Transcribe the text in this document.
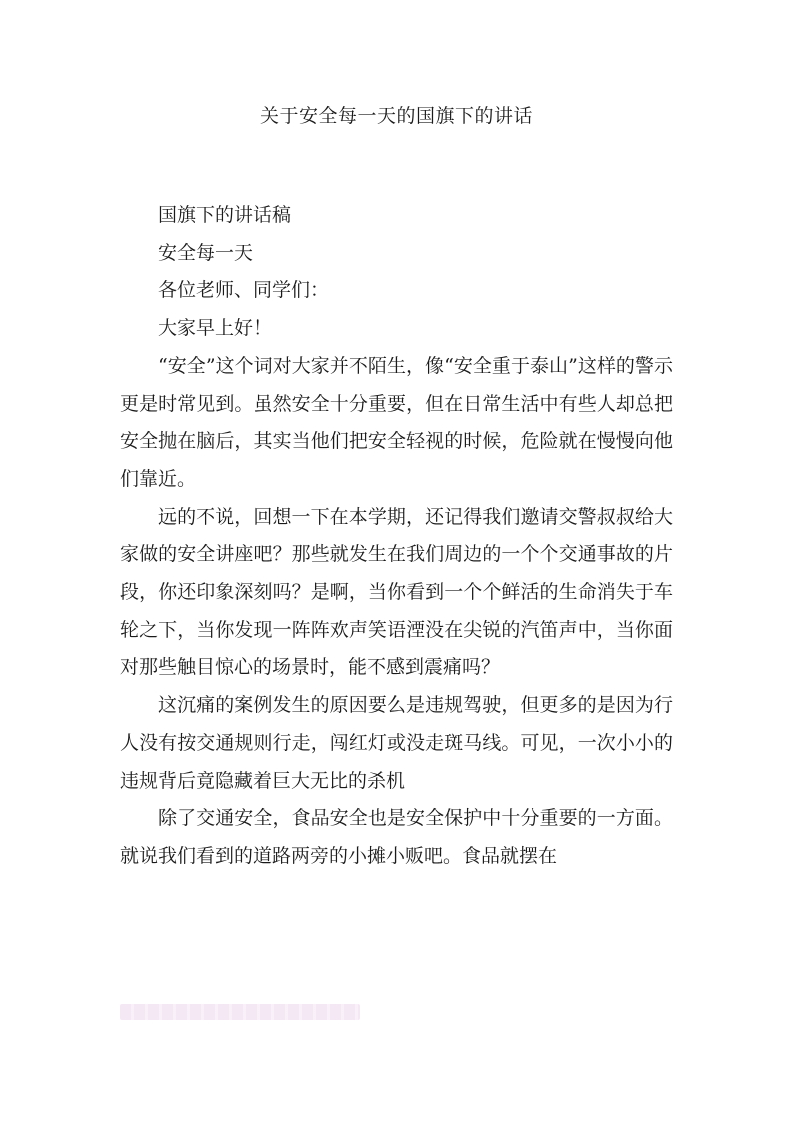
关于安全每一天的国旗下的讲话

国旗下的讲话稿

安全每一天

各位老师、同学们：

大家早上好！

“安全”这个词对大家并不陌生，像“安全重于泰山”这样的警示更是时常见到。虽然安全十分重要，但在日常生活中有些人却总把安全抛在脑后，其实当他们把安全轻视的时候，危险就在慢慢向他们靠近。

远的不说，回想一下在本学期，还记得我们邀请交警叔叔给大家做的安全讲座吧？那些就发生在我们周边的一个个交通事故的片段，你还印象深刻吗？是啊，当你看到一个个鲜活的生命消失于车轮之下，当你发现一阵阵欢声笑语湮没在尖锐的汽笛声中，当你面对那些触目惊心的场景时，能不感到震痛吗？

这沉痛的案例发生的原因要么是违规驾驶，但更多的是因为行人没有按交通规则行走，闯红灯或没走斑马线。可见，一次小小的违规背后竟隐藏着巨大无比的杀机

除了交通安全，食品安全也是安全保护中十分重要的一方面。就说我们看到的道路两旁的小摊小贩吧。食品就摆在
